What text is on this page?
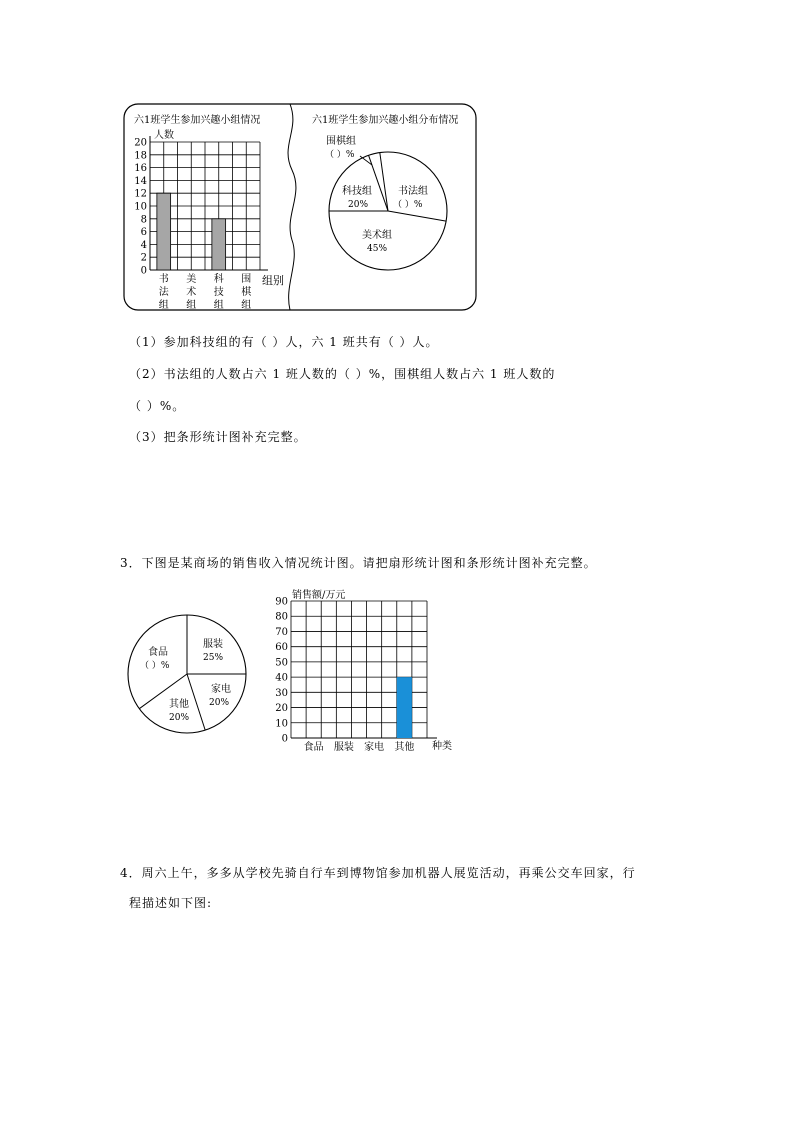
六1班学生参加兴趣小组情况
人数
0
2
4
6
8
10
12
14
16
18
20
书
法
组
美
术
组
科
技
组
围
棋
组
组别
六1班学生参加兴趣小组分布情况
围棋组
（ ）%
书法组
（ ）%
科技组
20%
美术组
45%
（1）参加科技组的有（ ）人，六 1 班共有（ ）人。
（2）书法组的人数占六 1 班人数的（ ）%，围棋组人数占六 1 班人数的
（ ）%。
（3）把条形统计图补充完整。
3．下图是某商场的销售收入情况统计图。请把扇形统计图和条形统计图补充完整。
食品
（ ）%
服装
25%
家电
20%
其他
20%
销售额/万元
0
10
20
30
40
50
60
70
80
90
食品 服装 家电 其他 种类
4．周六上午，多多从学校先骑自行车到博物馆参加机器人展览活动，再乘公交车回家，行
程描述如下图:
